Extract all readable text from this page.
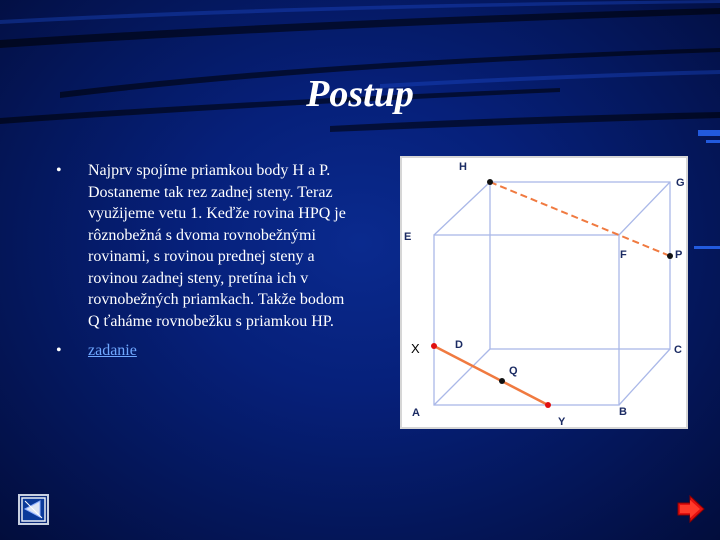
Postup
• Najprv spojíme priamkou body H a P. Dostaneme tak rez zadnej steny. Teraz využijeme vetu 1. Keďže rovina HPQ je rôznobežná s dvoma rovnobežnými rovinami, s rovinou prednej steny a rovinou zadnej steny, pretína ich v rovnobežných priamkach. Takže bodom Q ťaháme rovnobežku s priamkou HP.
• zadanie
H
G
E
F	P
X	D	C
Q
A	B
Y
